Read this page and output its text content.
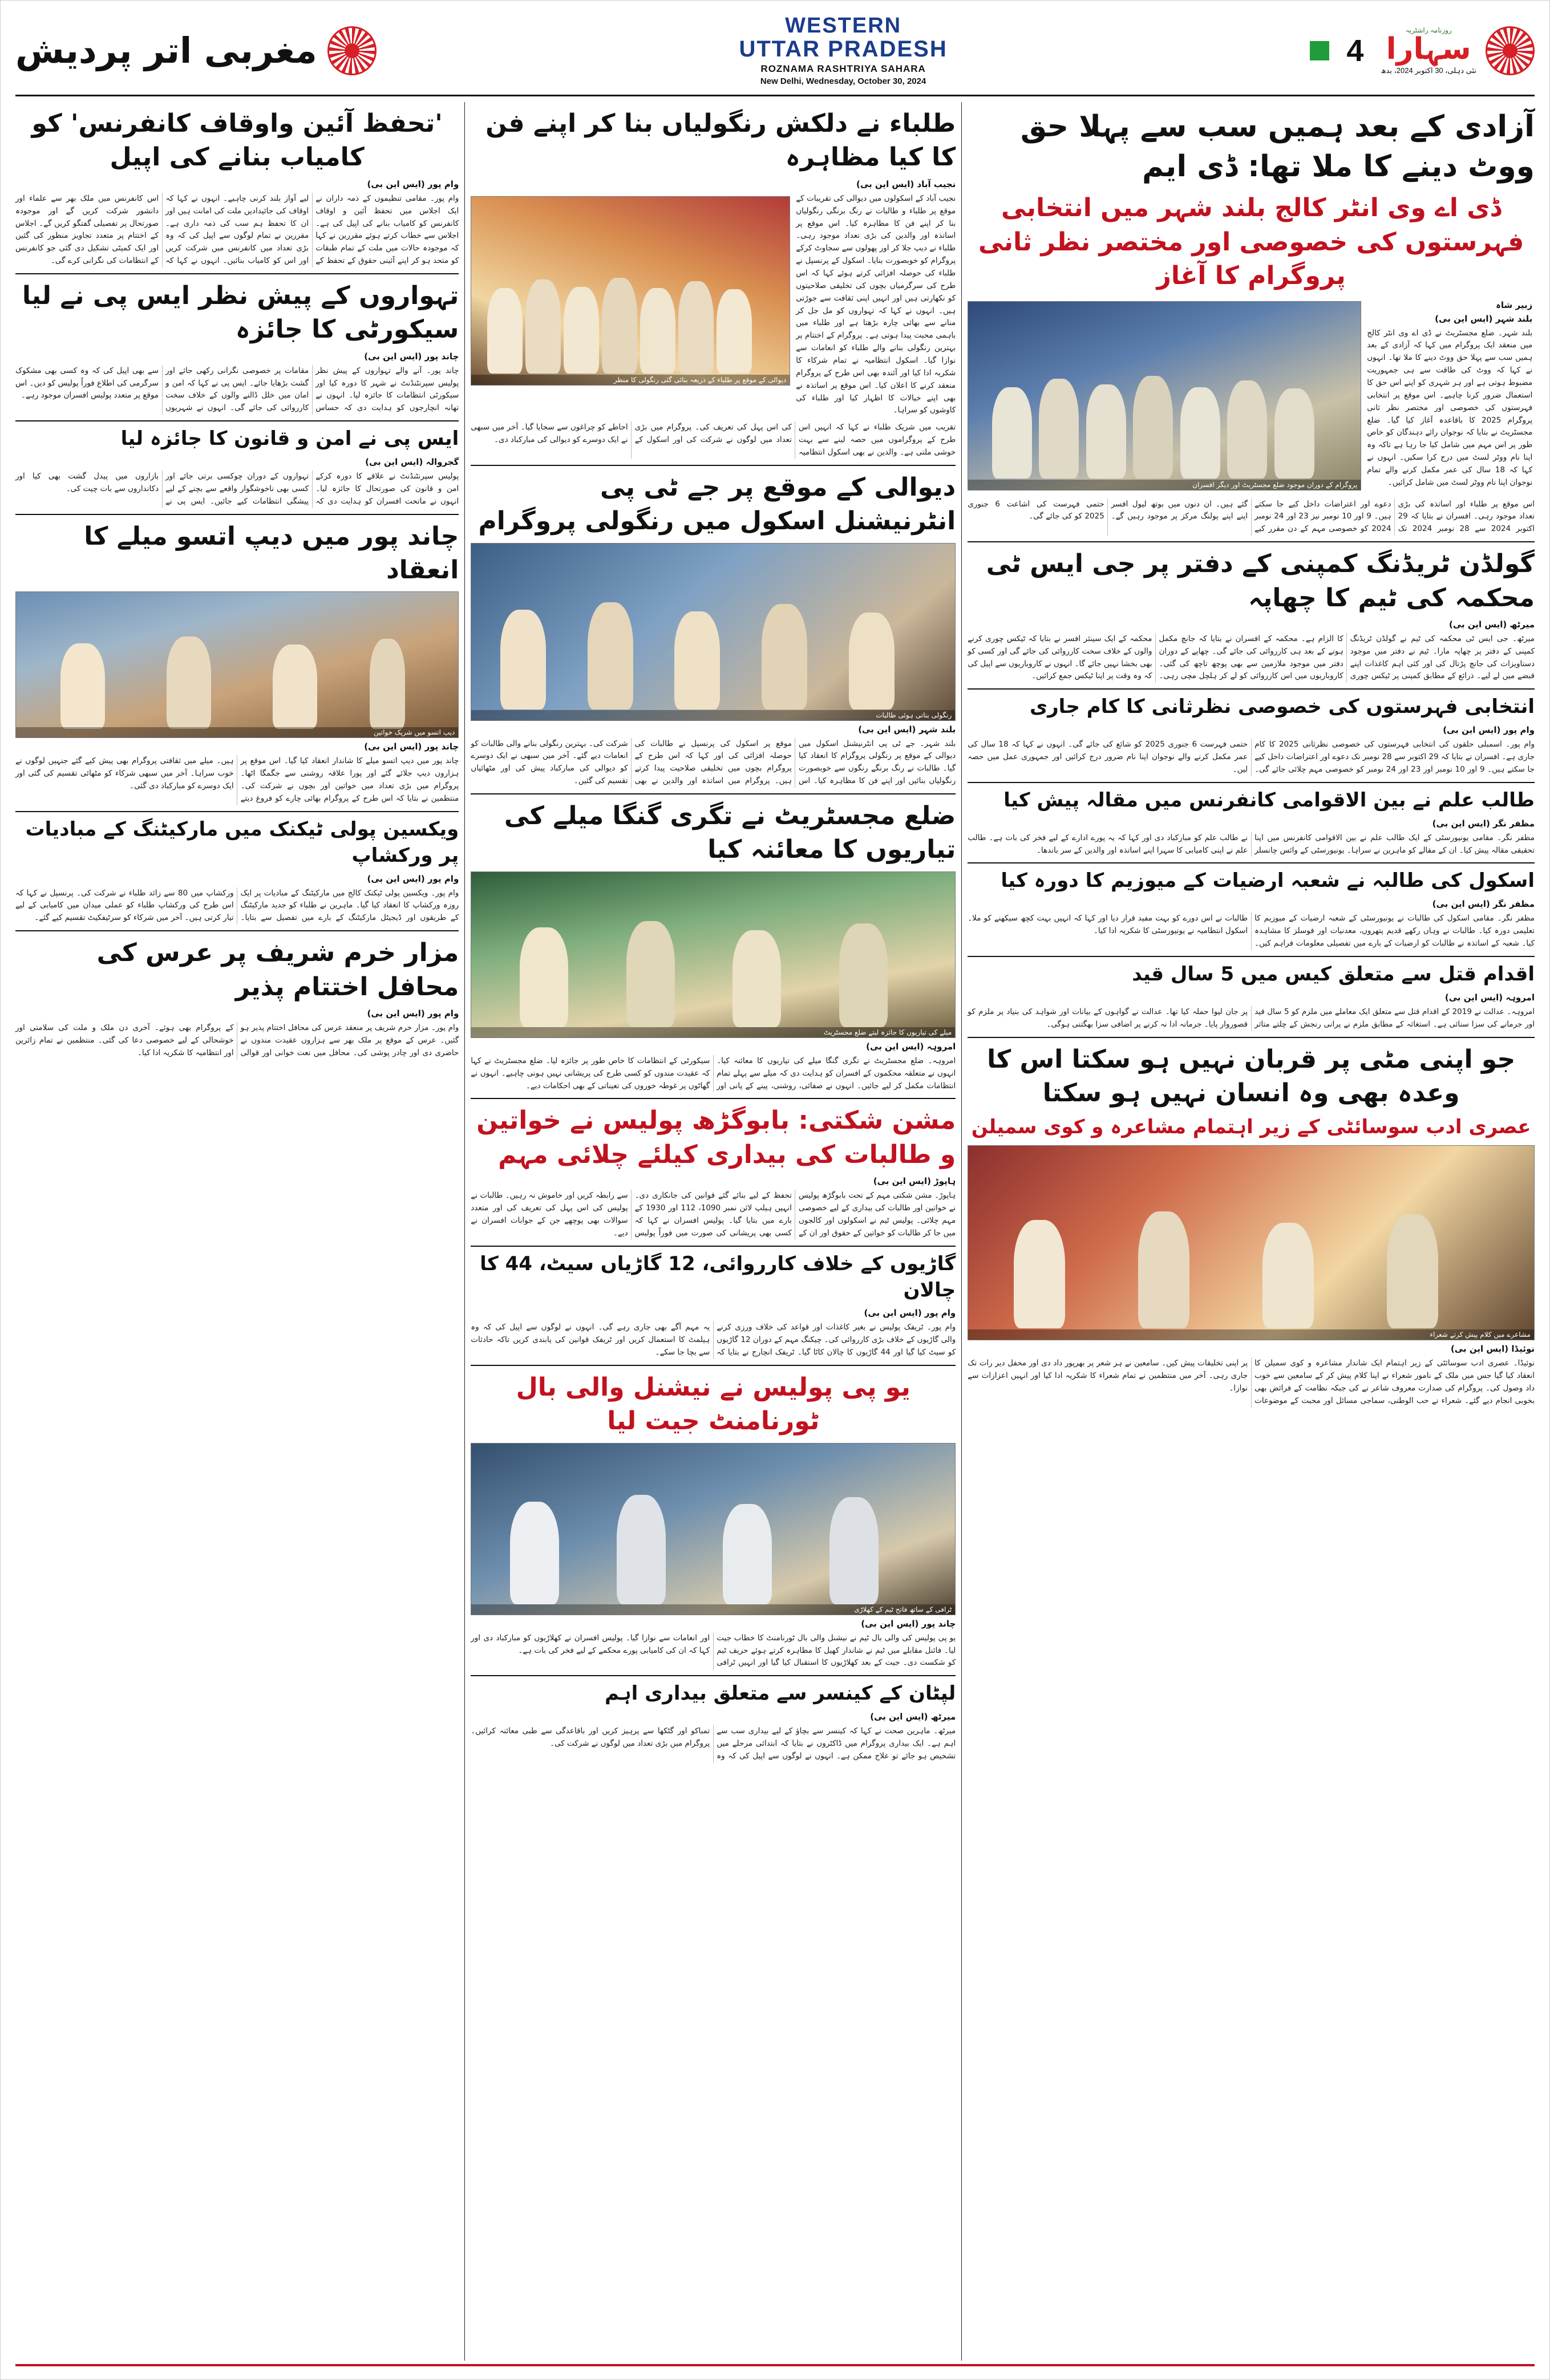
مغربی اتر پردیش
WESTERN
UTTAR PRADESH
ROZNAMA RASHTRIYA SAHARA
New Delhi, Wednesday, October 30, 2024
روزنامہ راشٹریہ
سہارا
نئی دہلی، 30 اکتوبر 2024، بدھ
4
آزادی کے بعد ہمیں سب سے پہلا حق ووٹ دینے کا ملا تھا: ڈی ایم
ڈی اے وی انٹر کالج بلند شہر میں انتخابی فہرستوں کی خصوصی اور مختصر نظر ثانی پروگرام کا آغاز
پروگرام کے دوران موجود ضلع مجسٹریٹ اور دیگر افسران
زبیر شاہ
بلند شہر (ایس این بی)
بلند شہر۔ ضلع مجسٹریٹ نے ڈی اے وی انٹر کالج میں منعقد ایک پروگرام میں کہا کہ آزادی کے بعد ہمیں سب سے پہلا حق ووٹ دینے کا ملا تھا۔ انہوں نے کہا کہ ووٹ کی طاقت سے ہی جمہوریت مضبوط ہوتی ہے اور ہر شہری کو اپنے اس حق کا استعمال ضرور کرنا چاہیے۔ اس موقع پر انتخابی فہرستوں کی خصوصی اور مختصر نظر ثانی پروگرام 2025 کا باقاعدہ آغاز کیا گیا۔ ضلع مجسٹریٹ نے بتایا کہ نوجوان رائے دہندگان کو خاص طور پر اس مہم میں شامل کیا جا رہا ہے تاکہ وہ اپنا نام ووٹر لسٹ میں درج کرا سکیں۔ انہوں نے کہا کہ 18 سال کی عمر مکمل کرنے والے تمام نوجوان اپنا نام ووٹر لسٹ میں شامل کرائیں۔
اس موقع پر طلباء اور اساتذہ کی بڑی تعداد موجود رہی۔ افسران نے بتایا کہ 29 اکتوبر 2024 سے 28 نومبر 2024 تک دعوے اور اعتراضات داخل کیے جا سکتے ہیں۔ 9 اور 10 نومبر نیز 23 اور 24 نومبر 2024 کو خصوصی مہم کے دن مقرر کیے گئے ہیں۔ ان دنوں میں بوتھ لیول افسر اپنے اپنے پولنگ مرکز پر موجود رہیں گے۔ حتمی فہرست کی اشاعت 6 جنوری 2025 کو کی جائے گی۔
گولڈن ٹریڈنگ کمپنی کے دفتر پر جی ایس ٹی محکمہ کی ٹیم کا چھاپہ
میرٹھ (ایس این بی)
میرٹھ۔ جی ایس ٹی محکمہ کی ٹیم نے گولڈن ٹریڈنگ کمپنی کے دفتر پر چھاپہ مارا۔ ٹیم نے دفتر میں موجود دستاویزات کی جانچ پڑتال کی اور کئی اہم کاغذات اپنے قبضے میں لے لیے۔ ذرائع کے مطابق کمپنی پر ٹیکس چوری کا الزام ہے۔ محکمہ کے افسران نے بتایا کہ جانچ مکمل ہونے کے بعد ہی کارروائی کی جائے گی۔ چھاپے کے دوران دفتر میں موجود ملازمین سے بھی پوچھ تاچھ کی گئی۔ کاروباریوں میں اس کارروائی کو لے کر ہلچل مچی رہی۔ محکمہ کے ایک سینئر افسر نے بتایا کہ ٹیکس چوری کرنے والوں کے خلاف سخت کارروائی کی جائے گی اور کسی کو بھی بخشا نہیں جائے گا۔ انہوں نے کاروباریوں سے اپیل کی کہ وہ وقت پر اپنا ٹیکس جمع کرائیں۔
انتخابی فہرستوں کی خصوصی نظرثانی کا کام جاری
وام پور (ایس این بی)
وام پور۔ اسمبلی حلقوں کی انتخابی فہرستوں کی خصوصی نظرثانی 2025 کا کام جاری ہے۔ افسران نے بتایا کہ 29 اکتوبر سے 28 نومبر تک دعوے اور اعتراضات داخل کیے جا سکتے ہیں۔ 9 اور 10 نومبر اور 23 اور 24 نومبر کو خصوصی مہم چلائی جائے گی۔ حتمی فہرست 6 جنوری 2025 کو شائع کی جائے گی۔ انہوں نے کہا کہ 18 سال کی عمر مکمل کرنے والے نوجوان اپنا نام ضرور درج کرائیں اور جمہوری عمل میں حصہ لیں۔
طالب علم نے بین الاقوامی کانفرنس میں مقالہ پیش کیا
مظفر نگر (ایس این بی)
مظفر نگر۔ مقامی یونیورسٹی کے ایک طالب علم نے بین الاقوامی کانفرنس میں اپنا تحقیقی مقالہ پیش کیا۔ ان کے مقالے کو ماہرین نے سراہا۔ یونیورسٹی کے وائس چانسلر نے طالب علم کو مبارکباد دی اور کہا کہ یہ پورے ادارے کے لیے فخر کی بات ہے۔ طالب علم نے اپنی کامیابی کا سہرا اپنے اساتذہ اور والدین کے سر باندھا۔
اسکول کی طالبہ نے شعبہ ارضیات کے میوزیم کا دورہ کیا
مظفر نگر (ایس این بی)
مظفر نگر۔ مقامی اسکول کی طالبات نے یونیورسٹی کے شعبہ ارضیات کے میوزیم کا تعلیمی دورہ کیا۔ طالبات نے وہاں رکھے قدیم پتھروں، معدنیات اور فوسلز کا مشاہدہ کیا۔ شعبہ کے اساتذہ نے طالبات کو ارضیات کے بارے میں تفصیلی معلومات فراہم کیں۔ طالبات نے اس دورے کو بہت مفید قرار دیا اور کہا کہ انہیں بہت کچھ سیکھنے کو ملا۔ اسکول انتظامیہ نے یونیورسٹی کا شکریہ ادا کیا۔
اقدام قتل سے متعلق کیس میں 5 سال قید
امروہہ (ایس این بی)
امروہہ۔ عدالت نے 2019 کے اقدام قتل سے متعلق ایک معاملے میں ملزم کو 5 سال قید اور جرمانے کی سزا سنائی ہے۔ استغاثہ کے مطابق ملزم نے پرانی رنجش کے چلتے متاثر پر جان لیوا حملہ کیا تھا۔ عدالت نے گواہوں کے بیانات اور شواہد کی بنیاد پر ملزم کو قصوروار پایا۔ جرمانہ ادا نہ کرنے پر اضافی سزا بھگتنی ہوگی۔
جو اپنی مٹی پر قربان نہیں ہو سکتا اس کا وعدہ بھی وہ انسان نہیں ہو سکتا
عصری ادب سوسائٹی کے زیر اہتمام مشاعرہ و کوی سمیلن
مشاعرے میں کلام پیش کرتے شعراء
نوئیڈا (ایس این بی)
نوئیڈا۔ عصری ادب سوسائٹی کے زیر اہتمام ایک شاندار مشاعرہ و کوی سمیلن کا انعقاد کیا گیا جس میں ملک کے نامور شعراء نے اپنا کلام پیش کر کے سامعین سے خوب داد وصول کی۔ پروگرام کی صدارت معروف شاعر نے کی جبکہ نظامت کے فرائض بھی بخوبی انجام دیے گئے۔ شعراء نے حب الوطنی، سماجی مسائل اور محبت کے موضوعات پر اپنی تخلیقات پیش کیں۔ سامعین نے ہر شعر پر بھرپور داد دی اور محفل دیر رات تک جاری رہی۔ آخر میں منتظمین نے تمام شعراء کا شکریہ ادا کیا اور انہیں اعزازات سے نوازا۔
طلباء نے دلکش رنگولیاں بنا کر اپنے فن کا کیا مظاہرہ
نجیب آباد (ایس این بی)
دیوالی کے موقع پر طلباء کے ذریعہ بنائی گئی رنگولی کا منظر
نجیب آباد کے اسکولوں میں دیوالی کی تقریبات کے موقع پر طلباء و طالبات نے رنگ برنگی رنگولیاں بنا کر اپنے فن کا مظاہرہ کیا۔ اس موقع پر اساتذہ اور والدین کی بڑی تعداد موجود رہی۔ طلباء نے دیپ جلا کر اور پھولوں سے سجاوٹ کرکے پروگرام کو خوبصورت بنایا۔ اسکول کے پرنسپل نے طلباء کی حوصلہ افزائی کرتے ہوئے کہا کہ اس طرح کی سرگرمیاں بچوں کی تخلیقی صلاحیتوں کو نکھارتی ہیں اور انہیں اپنی ثقافت سے جوڑتی ہیں۔ انہوں نے کہا کہ تہواروں کو مل جل کر منانے سے بھائی چارہ بڑھتا ہے اور طلباء میں باہمی محبت پیدا ہوتی ہے۔ پروگرام کے اختتام پر بہترین رنگولی بنانے والے طلباء کو انعامات سے نوازا گیا۔ اسکول انتظامیہ نے تمام شرکاء کا شکریہ ادا کیا اور آئندہ بھی اس طرح کے پروگرام منعقد کرنے کا اعلان کیا۔ اس موقع پر اساتذہ نے بھی اپنے خیالات کا اظہار کیا اور طلباء کی کاوشوں کو سراہا۔
تقریب میں شریک طلباء نے کہا کہ انہیں اس طرح کے پروگراموں میں حصہ لینے سے بہت خوشی ملتی ہے۔ والدین نے بھی اسکول انتظامیہ کی اس پہل کی تعریف کی۔ پروگرام میں بڑی تعداد میں لوگوں نے شرکت کی اور اسکول کے احاطے کو چراغوں سے سجایا گیا۔ آخر میں سبھی نے ایک دوسرے کو دیوالی کی مبارکباد دی۔
دیوالی کے موقع پر جے ٹی پی انٹرنیشنل اسکول میں رنگولی پروگرام
رنگولی بناتی ہوئی طالبات
بلند شہر (ایس این بی)
بلند شہر۔ جے ٹی پی انٹرنیشنل اسکول میں دیوالی کے موقع پر رنگولی پروگرام کا انعقاد کیا گیا۔ طالبات نے رنگ برنگے رنگوں سے خوبصورت رنگولیاں بنائیں اور اپنے فن کا مظاہرہ کیا۔ اس موقع پر اسکول کی پرنسپل نے طالبات کی حوصلہ افزائی کی اور کہا کہ اس طرح کے پروگرام بچوں میں تخلیقی صلاحیت پیدا کرتے ہیں۔ پروگرام میں اساتذہ اور والدین نے بھی شرکت کی۔ بہترین رنگولی بنانے والی طالبات کو انعامات دیے گئے۔ آخر میں سبھی نے ایک دوسرے کو دیوالی کی مبارکباد پیش کی اور مٹھائیاں تقسیم کی گئیں۔
ضلع مجسٹریٹ نے تگری گنگا میلے کی تیاریوں کا معائنہ کیا
میلے کی تیاریوں کا جائزہ لیتے ضلع مجسٹریٹ
امروہہ (ایس این بی)
امروہہ۔ ضلع مجسٹریٹ نے تگری گنگا میلے کی تیاریوں کا معائنہ کیا۔ انہوں نے متعلقہ محکموں کے افسران کو ہدایت دی کہ میلے سے پہلے تمام انتظامات مکمل کر لیے جائیں۔ انہوں نے صفائی، روشنی، پینے کے پانی اور سیکورٹی کے انتظامات کا خاص طور پر جائزہ لیا۔ ضلع مجسٹریٹ نے کہا کہ عقیدت مندوں کو کسی طرح کی پریشانی نہیں ہونی چاہیے۔ انہوں نے گھاٹوں پر غوطہ خوروں کی تعیناتی کے بھی احکامات دیے۔
مشن شکتی: بابوگڑھ پولیس نے خواتین و طالبات کی بیداری کیلئے چلائی مہم
ہاپوڑ (ایس این بی)
ہاپوڑ۔ مشن شکتی مہم کے تحت بابوگڑھ پولیس نے خواتین اور طالبات کی بیداری کے لیے خصوصی مہم چلائی۔ پولیس ٹیم نے اسکولوں اور کالجوں میں جا کر طالبات کو خواتین کے حقوق اور ان کے تحفظ کے لیے بنائے گئے قوانین کی جانکاری دی۔ انہیں ہیلپ لائن نمبر 1090، 112 اور 1930 کے بارے میں بتایا گیا۔ پولیس افسران نے کہا کہ کسی بھی پریشانی کی صورت میں فوراً پولیس سے رابطہ کریں اور خاموش نہ رہیں۔ طالبات نے پولیس کی اس پہل کی تعریف کی اور متعدد سوالات بھی پوچھے جن کے جوابات افسران نے دیے۔
گاڑیوں کے خلاف کارروائی، 12 گاڑیاں سیٹ، 44 کا چالان
وام پور (ایس این بی)
وام پور۔ ٹریفک پولیس نے بغیر کاغذات اور قواعد کی خلاف ورزی کرنے والی گاڑیوں کے خلاف بڑی کارروائی کی۔ چیکنگ مہم کے دوران 12 گاڑیوں کو سیٹ کیا گیا اور 44 گاڑیوں کا چالان کاٹا گیا۔ ٹریفک انچارج نے بتایا کہ یہ مہم آگے بھی جاری رہے گی۔ انہوں نے لوگوں سے اپیل کی کہ وہ ہیلمٹ کا استعمال کریں اور ٹریفک قوانین کی پابندی کریں تاکہ حادثات سے بچا جا سکے۔
یو پی پولیس نے نیشنل والی بال ٹورنامنٹ جیت لیا
ٹرافی کے ساتھ فاتح ٹیم کے کھلاڑی
چاند پور (ایس این بی)
یو پی پولیس کی والی بال ٹیم نے نیشنل والی بال ٹورنامنٹ کا خطاب جیت لیا۔ فائنل مقابلے میں ٹیم نے شاندار کھیل کا مظاہرہ کرتے ہوئے حریف ٹیم کو شکست دی۔ جیت کے بعد کھلاڑیوں کا استقبال کیا گیا اور انہیں ٹرافی اور انعامات سے نوازا گیا۔ پولیس افسران نے کھلاڑیوں کو مبارکباد دی اور کہا کہ ان کی کامیابی پورے محکمے کے لیے فخر کی بات ہے۔
لپٹان کے کینسر سے متعلق بیداری اہم
میرٹھ (ایس این بی)
میرٹھ۔ ماہرین صحت نے کہا کہ کینسر سے بچاؤ کے لیے بیداری سب سے اہم ہے۔ ایک بیداری پروگرام میں ڈاکٹروں نے بتایا کہ ابتدائی مرحلے میں تشخیص ہو جائے تو علاج ممکن ہے۔ انہوں نے لوگوں سے اپیل کی کہ وہ تمباکو اور گٹکھا سے پرہیز کریں اور باقاعدگی سے طبی معائنہ کرائیں۔ پروگرام میں بڑی تعداد میں لوگوں نے شرکت کی۔
'تحفظ آئین واوقاف کانفرنس' کو کامیاب بنانے کی اپیل
وام پور (ایس این بی)
وام پور۔ مقامی تنظیموں کے ذمہ داران نے ایک اجلاس میں تحفظ آئین و اوقاف کانفرنس کو کامیاب بنانے کی اپیل کی ہے۔ اجلاس سے خطاب کرتے ہوئے مقررین نے کہا کہ موجودہ حالات میں ملت کے تمام طبقات کو متحد ہو کر اپنے آئینی حقوق کے تحفظ کے لیے آواز بلند کرنی چاہیے۔ انہوں نے کہا کہ اوقاف کی جائیدادیں ملت کی امانت ہیں اور ان کا تحفظ ہم سب کی ذمہ داری ہے۔ مقررین نے تمام لوگوں سے اپیل کی کہ وہ بڑی تعداد میں کانفرنس میں شرکت کریں اور اس کو کامیاب بنائیں۔ انہوں نے کہا کہ اس کانفرنس میں ملک بھر سے علماء اور دانشور شرکت کریں گے اور موجودہ صورتحال پر تفصیلی گفتگو کریں گے۔ اجلاس کے اختتام پر متعدد تجاویز منظور کی گئیں اور ایک کمیٹی تشکیل دی گئی جو کانفرنس کے انتظامات کی نگرانی کرے گی۔
تہواروں کے پیش نظر ایس پی نے لیا سیکورٹی کا جائزہ
چاند پور (ایس این بی)
چاند پور۔ آنے والے تہواروں کے پیش نظر پولیس سپرنٹنڈنٹ نے شہر کا دورہ کیا اور سیکورٹی انتظامات کا جائزہ لیا۔ انہوں نے تھانہ انچارجوں کو ہدایت دی کہ حساس مقامات پر خصوصی نگرانی رکھی جائے اور گشت بڑھایا جائے۔ ایس پی نے کہا کہ امن و امان میں خلل ڈالنے والوں کے خلاف سخت کارروائی کی جائے گی۔ انہوں نے شہریوں سے بھی اپیل کی کہ وہ کسی بھی مشکوک سرگرمی کی اطلاع فوراً پولیس کو دیں۔ اس موقع پر متعدد پولیس افسران موجود رہے۔
ایس پی نے امن و قانون کا جائزہ لیا
گجروالہ (ایس این بی)
پولیس سپرنٹنڈنٹ نے علاقے کا دورہ کرکے امن و قانون کی صورتحال کا جائزہ لیا۔ انہوں نے ماتحت افسران کو ہدایت دی کہ تہواروں کے دوران چوکسی برتی جائے اور کسی بھی ناخوشگوار واقعے سے بچنے کے لیے پیشگی انتظامات کیے جائیں۔ ایس پی نے بازاروں میں پیدل گشت بھی کیا اور دکانداروں سے بات چیت کی۔
چاند پور میں دیپ اتسو میلے کا انعقاد
دیپ اتسو میں شریک خواتین
چاند پور (ایس این بی)
چاند پور میں دیپ اتسو میلے کا شاندار انعقاد کیا گیا۔ اس موقع پر ہزاروں دیپ جلائے گئے اور پورا علاقہ روشنی سے جگمگا اٹھا۔ پروگرام میں بڑی تعداد میں خواتین اور بچوں نے شرکت کی۔ منتظمین نے بتایا کہ اس طرح کے پروگرام بھائی چارے کو فروغ دیتے ہیں۔ میلے میں ثقافتی پروگرام بھی پیش کیے گئے جنہیں لوگوں نے خوب سراہا۔ آخر میں سبھی شرکاء کو مٹھائی تقسیم کی گئی اور ایک دوسرے کو مبارکباد دی گئی۔
ویکسین پولی ٹیکنک میں مارکیٹنگ کے مبادیات پر ورکشاپ
وام پور (ایس این بی)
وام پور۔ ویکسین پولی ٹیکنک کالج میں مارکیٹنگ کے مبادیات پر ایک روزہ ورکشاپ کا انعقاد کیا گیا۔ ماہرین نے طلباء کو جدید مارکیٹنگ کے طریقوں اور ڈیجیٹل مارکیٹنگ کے بارے میں تفصیل سے بتایا۔ ورکشاپ میں 80 سے زائد طلباء نے شرکت کی۔ پرنسپل نے کہا کہ اس طرح کی ورکشاپ طلباء کو عملی میدان میں کامیابی کے لیے تیار کرتی ہیں۔ آخر میں شرکاء کو سرٹیفکیٹ تقسیم کیے گئے۔
مزار خرم شریف پر عرس کی محافل اختتام پذیر
وام پور (ایس این بی)
وام پور۔ مزار خرم شریف پر منعقد عرس کی محافل اختتام پذیر ہو گئیں۔ عرس کے موقع پر ملک بھر سے ہزاروں عقیدت مندوں نے حاضری دی اور چادر پوشی کی۔ محافل میں نعت خوانی اور قوالی کے پروگرام بھی ہوئے۔ آخری دن ملک و ملت کی سلامتی اور خوشحالی کے لیے خصوصی دعا کی گئی۔ منتظمین نے تمام زائرین اور انتظامیہ کا شکریہ ادا کیا۔
